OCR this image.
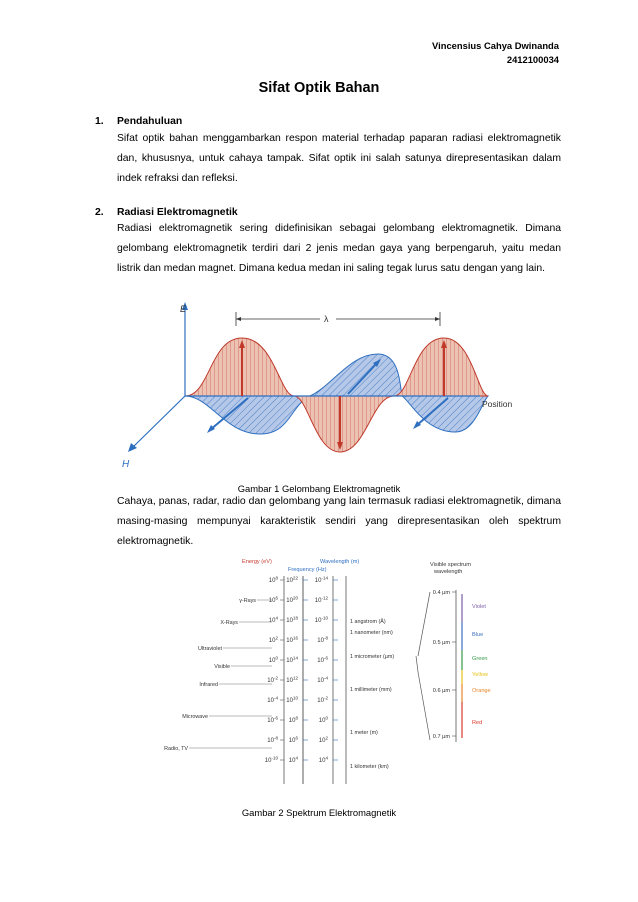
Vincensius Cahya Dwinanda
2412100034
Sifat Optik Bahan
1. Pendahuluan
Sifat optik bahan menggambarkan respon material terhadap paparan radiasi elektromagnetik dan, khususnya, untuk cahaya tampak. Sifat optik ini salah satunya direpresentasikan dalam indek refraksi dan refleksi.
2. Radiasi Elektromagnetik
Radiasi elektromagnetik sering didefinisikan sebagai gelombang elektromagnetik. Dimana gelombang elektromagnetik terdiri dari 2 jenis medan gaya yang berpengaruh, yaitu medan listrik dan medan magnet. Dimana kedua medan ini saling tegak lurus satu dengan yang lain.
E
H
Position
λ
Gambar 1 Gelombang Elektromagnetik
Cahaya, panas, radar, radio dan gelombang yang lain termasuk radiasi elektromagnetik, dimana masing-masing mempunyai karakteristik sendiri yang direpresentasikan oleh spektrum elektromagnetik.
Energy (eV)
Frequency (Hz)
Wavelength (m)	Visible spectrum
wavelength
$10^8$
$10^6$
$10^4$
$10^2$
$10^0$
$10^{-2}$
$10^{-4}$
$10^{-6}$
$10^{-8}$
$10^{-10}$
$10^{22}$
$10^{20}$
$10^{18}$
$10^{16}$
$10^{14}$
$10^{12}$
$10^{10}$
$10^8$
$10^6$
$10^4$
$10^{-14}$
$10^{-12}$
$10^{-10}$
$10^{-8}$
$10^{-6}$
$10^{-4}$
$10^{-2}$
$10^0$
$10^2$
$10^4$
γ-Rays
X-Rays
Ultraviolet
Visible
Infrared
Microwave
Radio, TV
1 angstrom (Å)
1 nanometer (nm)
1 micrometer (µm)
1 millimeter (mm)
1 meter (m)
1 kilometer (km)
0.4 µm
0.5 µm
0.6 µm
0.7 µm
Violet
Blue
Green
Yellow
Orange
Red
Gambar 2 Spektrum Elektromagnetik
